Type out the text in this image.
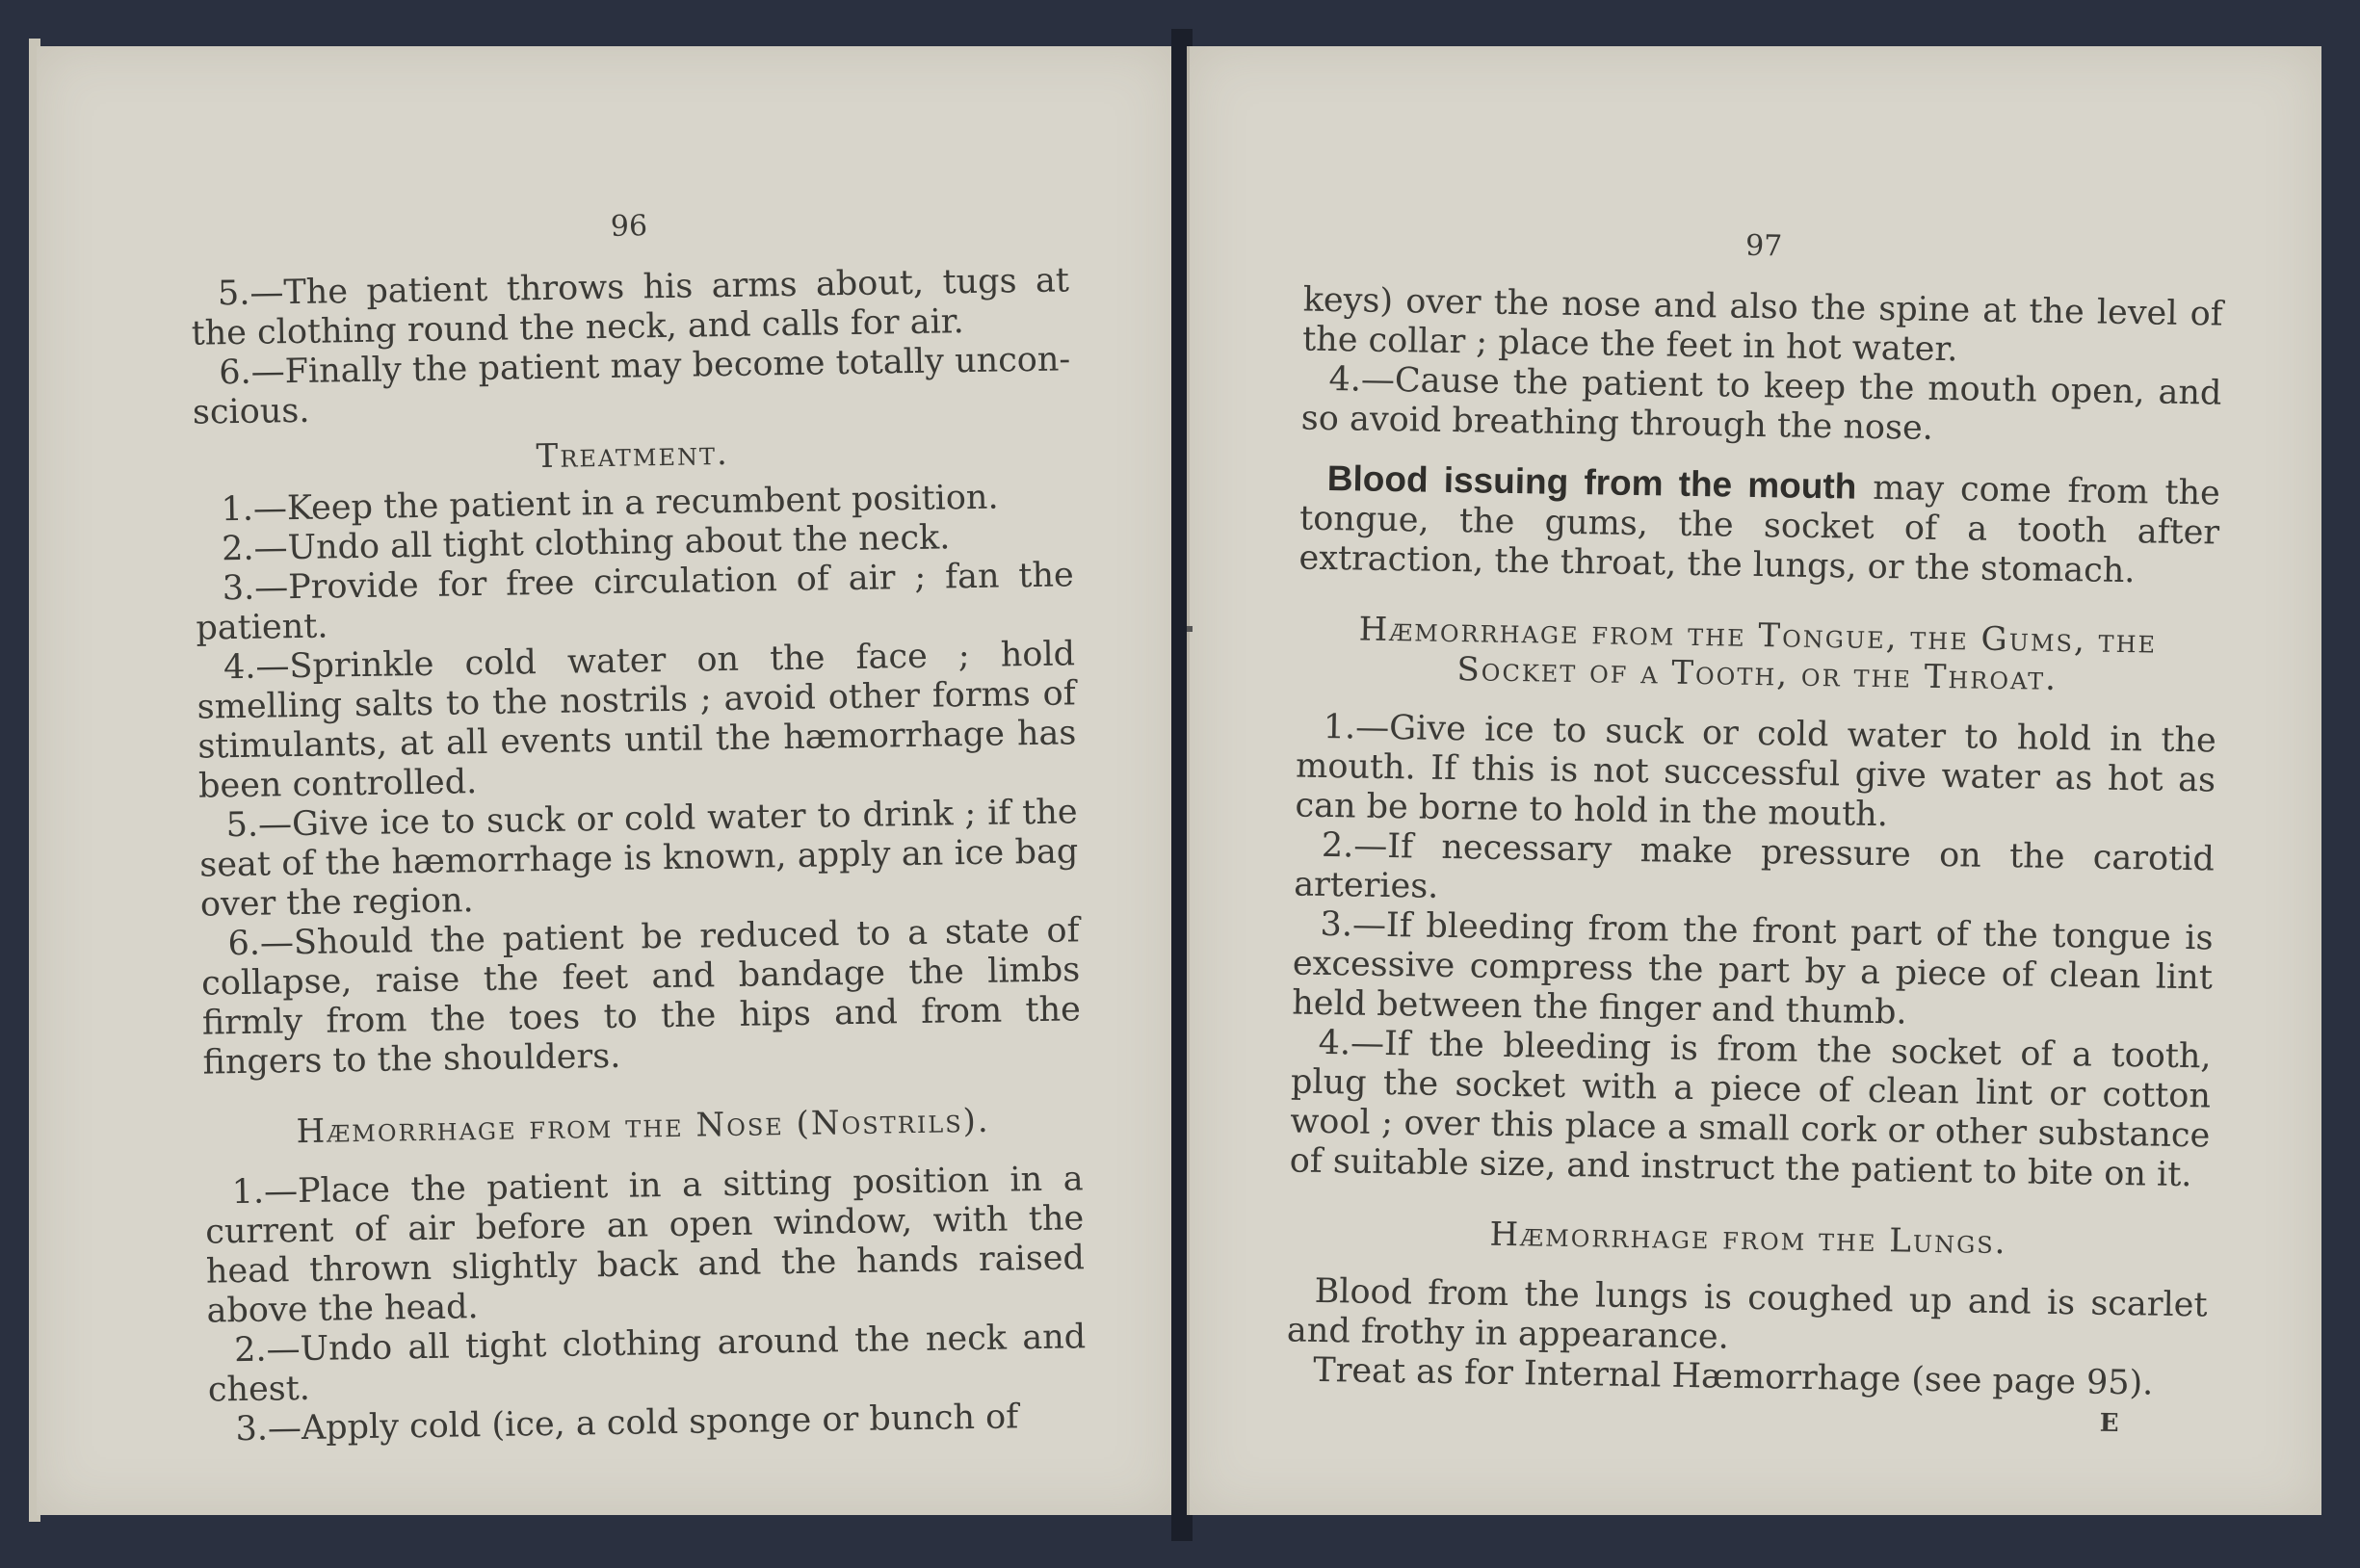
96

5.—The patient throws his arms about, tugs at the clothing round the neck, and calls for air.

6.—Finally the patient may become totally uncon-scious.

Treatment.

1.—Keep the patient in a recumbent position.

2.—Undo all tight clothing about the neck.

3.—Provide for free circulation of air ; fan the patient.

4.—Sprinkle cold water on the face ; hold smelling salts to the nostrils ; avoid other forms of stimulants, at all events until the hæmorrhage has been controlled.

5.—Give ice to suck or cold water to drink ; if the seat of the hæmorrhage is known, apply an ice bag over the region.

6.—Should the patient be reduced to a state of collapse, raise the feet and bandage the limbs firmly from the toes to the hips and from the fingers to the shoulders.

Hæmorrhage from the Nose (Nostrils).

1.—Place the patient in a sitting position in a current of air before an open window, with the head thrown slightly back and the hands raised above the head.

2.—Undo all tight clothing around the neck and chest.

3.—Apply cold (ice, a cold sponge or bunch of

97

keys) over the nose and also the spine at the level of the collar ; place the feet in hot water.

4.—Cause the patient to keep the mouth open, and so avoid breathing through the nose.

Blood issuing from the mouth may come from the tongue, the gums, the socket of a tooth after extraction, the throat, the lungs, or the stomach.

Hæmorrhage from the Tongue, the Gums, the Socket of a Tooth, or the Throat.

1.—Give ice to suck or cold water to hold in the mouth. If this is not successful give water as hot as can be borne to hold in the mouth.

2.—If necessary make pressure on the carotid arteries.

3.—If bleeding from the front part of the tongue is excessive compress the part by a piece of clean lint held between the finger and thumb.

4.—If the bleeding is from the socket of a tooth, plug the socket with a piece of clean lint or cotton wool ; over this place a small cork or other substance of suitable size, and instruct the patient to bite on it.

Hæmorrhage from the Lungs.

Blood from the lungs is coughed up and is scarlet and frothy in appearance.

Treat as for Internal Hæmorrhage (see page 95).

E
